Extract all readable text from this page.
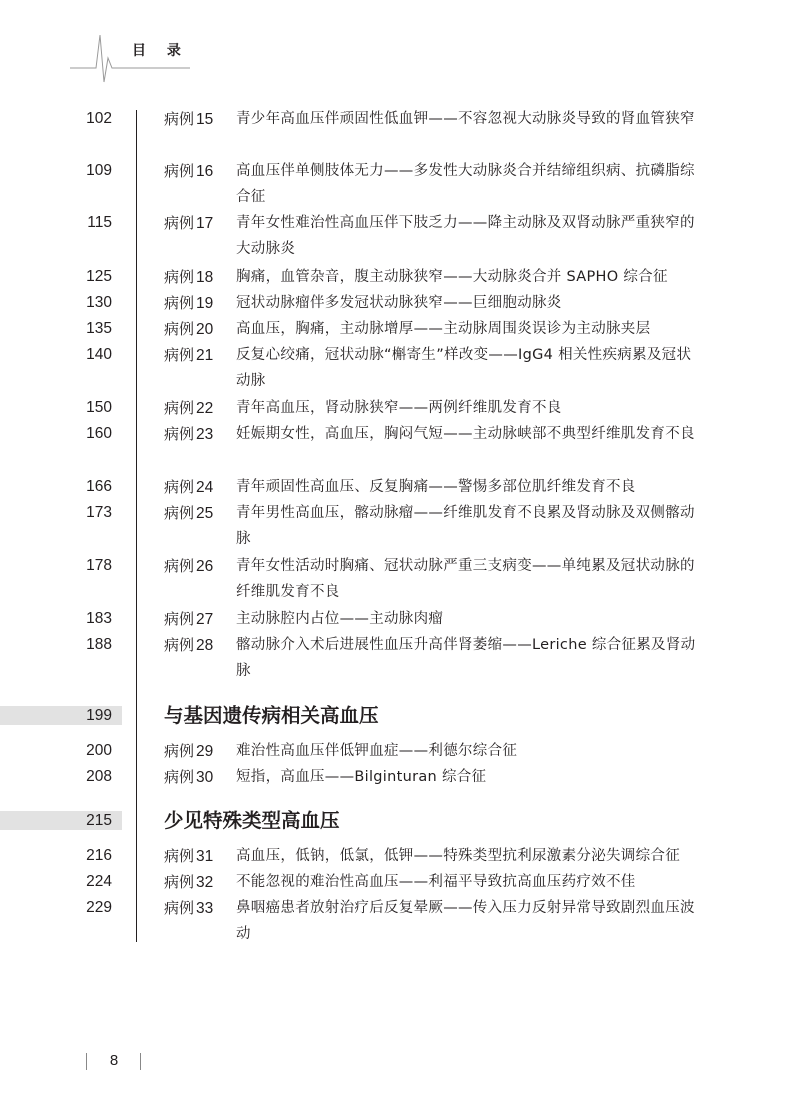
目 录
102	病例 15 青少年高血压伴顽固性低血钾——不容忽视大动脉炎导致的肾血管狭窄
109	病例 16 高血压伴单侧肢体无力——多发性大动脉炎合并结缔组织病、抗磷脂综合征
115	病例 17 青年女性难治性高血压伴下肢乏力——降主动脉及双肾动脉严重狭窄的大动脉炎
125	病例 18 胸痛，血管杂音，腹主动脉狭窄——大动脉炎合并 SAPHO 综合征
130	病例 19 冠状动脉瘤伴多发冠状动脉狭窄——巨细胞动脉炎
135	病例 20 高血压，胸痛，主动脉增厚——主动脉周围炎误诊为主动脉夹层
140	病例 21 反复心绞痛，冠状动脉“槲寄生”样改变——IgG4 相关性疾病累及冠状动脉
150	病例 22 青年高血压，肾动脉狭窄——两例纤维肌发育不良
160	病例 23 妊娠期女性，高血压，胸闷气短——主动脉峡部不典型纤维肌发育不良
166	病例 24 青年顽固性高血压、反复胸痛——警惕多部位肌纤维发育不良
173	病例 25 青年男性高血压，髂动脉瘤——纤维肌发育不良累及肾动脉及双侧髂动脉
178	病例 26 青年女性活动时胸痛、冠状动脉严重三支病变——单纯累及冠状动脉的纤维肌发育不良
183	病例 27 主动脉腔内占位——主动脉肉瘤
188	病例 28 髂动脉介入术后进展性血压升高伴肾萎缩——Leriche 综合征累及肾动脉
199	与基因遗传病相关高血压
200	病例 29 难治性高血压伴低钾血症——利德尔综合征
208	病例 30 短指，高血压——Bilginturan 综合征
215	少见特殊类型高血压
216	病例 31 高血压，低钠，低氯，低钾——特殊类型抗利尿激素分泌失调综合征
224	病例 32 不能忽视的难治性高血压——利福平导致抗高血压药疗效不佳
229	病例 33 鼻咽癌患者放射治疗后反复晕厥——传入压力反射异常导致剧烈血压波动
8
